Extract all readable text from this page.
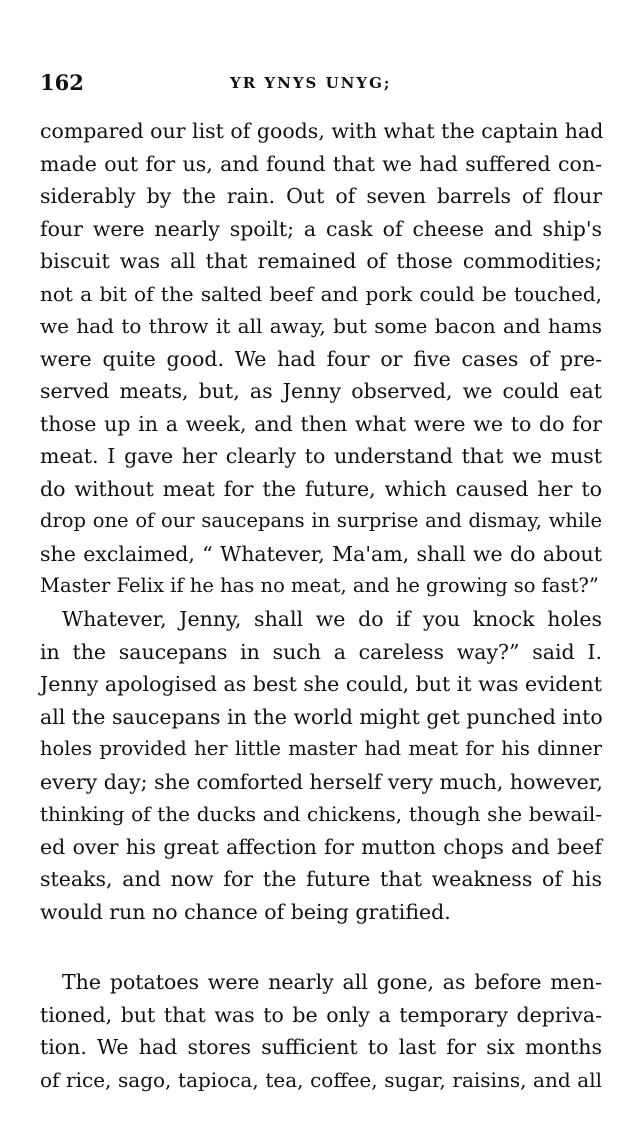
162	YR YNYS UNYG;
compared our list of goods, with what the captain had
made out for us, and found that we had suffered con-
siderably by the rain. Out of seven barrels of flour
four were nearly spoilt; a cask of cheese and ship's
biscuit was all that remained of those commodities;
not a bit of the salted beef and pork could be touched,
we had to throw it all away, but some bacon and hams
were quite good. We had four or five cases of pre-
served meats, but, as Jenny observed, we could eat
those up in a week, and then what were we to do for
meat. I gave her clearly to understand that we must
do without meat for the future, which caused her to
drop one of our saucepans in surprise and dismay, while
she exclaimed, “ Whatever, Ma'am, shall we do about
Master Felix if he has no meat, and he growing so fast?”
Whatever, Jenny, shall we do if you knock holes
in the saucepans in such a careless way?” said I.
Jenny apologised as best she could, but it was evident
all the saucepans in the world might get punched into
holes provided her little master had meat for his dinner
every day; she comforted herself very much, however,
thinking of the ducks and chickens, though she bewail-
ed over his great affection for mutton chops and beef
steaks, and now for the future that weakness of his
would run no chance of being gratified.
The potatoes were nearly all gone, as before men-
tioned, but that was to be only a temporary depriva-
tion. We had stores sufficient to last for six months
of rice, sago, tapioca, tea, coffee, sugar, raisins, and all
